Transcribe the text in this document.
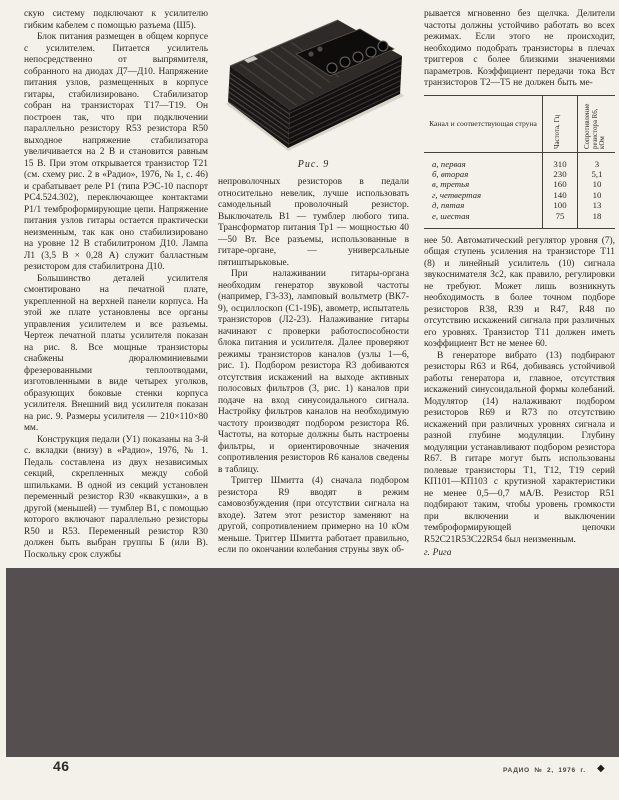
скую систему подключают к усилителю гибким кабелем с помощью разъема (Ш5).

Блок питания размещен в общем корпусе с усилителем. Питается усилитель непосредственно от выпрямителя, собранного на диодах Д7—Д10. Напряжение питания узлов, размещенных в корпусе гитары, стабилизировано. Стабилизатор собран на транзисторах Т17—Т19. Он построен так, что при подключении параллельно резистору R53 резистора R50 выходное напряжение стабилизатора увеличивается на 2 В и становится равным 15 В. При этом открывается транзистор Т21 (см. схему рис. 2 в «Радио», 1976, № 1, с. 46) и срабатывает реле Р1 (типа РЭС-10 паспорт РС4.524.302), переключающее контактами Р1/1 темброформирующие цепи. Напряжение питания узлов гитары остается практически неизменным, так как оно стабилизировано на уровне 12 В стабилитроном Д10. Лампа Л1 (3,5 В × 0,28 А) служит балластным резистором для стабилитрона Д10.

Большинство деталей усилителя смонтировано на печатной плате, укрепленной на верхней панели корпуса. На этой же плате установлены все органы управления усилителем и все разъемы. Чертеж печатной платы усилителя показан на рис. 8. Все мощные транзисторы снабжены дюралюминиевыми фрезерованными теплоотводами, изготовленными в виде четырех уголков, образующих боковые стенки корпуса усилителя. Внешний вид усилителя показан на рис. 9. Размеры усилителя — 210×110×80 мм.

Конструкция педали (У1) показаны на 3-й с. вкладки (внизу) в «Радио», 1976, № 1. Педаль составлена из двух независимых секций, скрепленных между собой шпильками. В одной из секций установлен переменный резистор R30 «квакушки», а в другой (меньшей) — тумблер В1, с помощью которого включают параллельно резисторы R50 и R53. Переменный резистор R30 должен быть выбран группы Б (или В). Поскольку срок службы

Рис. 9

непроволочных резисторов в педали относительно невелик, лучше использовать самодельный проволочный резистор. Выключатель В1 — тумблер любого типа. Трансформатор питания Тр1 — мощностью 40—50 Вт. Все разъемы, использованные в гитаре-органе, — универсальные пятиштырьковые.

При налаживании гитары-органа необходим генератор звуковой частоты (например, Г3-33), ламповый вольтметр (ВК7-9), осциллоскоп (С1-19Б), авометр, испытатель транзисторов (Л2-23). Налаживание гитары начинают с проверки работоспособности блока питания и усилителя. Далее проверяют режимы транзисторов каналов (узлы 1—6, рис. 1). Подбором резистора R3 добиваются отсутствия искажений на выходе активных полосовых фильтров (3, рис. 1) каналов при подаче на вход синусоидального сигнала. Настройку фильтров каналов на необходимую частоту производят подбором резистора R6. Частоты, на которые должны быть настроены фильтры, и ориентировочные значения сопротивления резисторов R6 каналов сведены в таблицу.

Триггер Шмитта (4) сначала подбором резистора R9 вводят в режим самовозбуждения (при отсутствии сигнала на входе). Затем этот резистор заменяют на другой, сопротивлением примерно на 10 кОм меньше. Триггер Шмитта работает правильно, если по окончании колебания струны звук об-

рывается мгновенно без щелчка. Делители частоты должны устойчиво работать во всех режимах. Если этого не происходит, необходимо подобрать транзисторы в плечах триггеров с более близкими значениями параметров. Коэффициент передачи тока Вст транзисторов Т2—Т5 не должен быть ме-

Канал и соответствующая струна	Частота, Гц	Сопротивление резистора R6, кОм

а, первая	310	3
б, вторая	230	5,1
в, третья	160	10
г, четвертая	140	10
д, пятая	100	13
е, шестая	75	18

нее 50. Автоматический регулятор уровня (7), общая ступень усиления на транзисторе Т11 (8) и линейный усилитель (10) сигнала звукоснимателя Зс2, как правило, регулировки не требуют. Может лишь возникнуть необходимость в более точном подборе резисторов R38, R39 и R47, R48 по отсутствию искажений сигнала при различных его уровнях. Транзистор Т11 должен иметь коэффициент Вст не менее 60.

В генераторе вибрато (13) подбирают резисторы R63 и R64, добиваясь устойчивой работы генератора и, главное, отсутствия искажений синусоидальной формы колебаний. Модулятор (14) налаживают подбором резисторов R69 и R73 по отсутствию искажений при различных уровнях сигнала и разной глубине модуляции. Глубину модуляции устанавливают подбором резистора R67. В гитаре могут быть использованы полевые транзисторы Т1, Т12, Т19 серий КП101—КП103 с крутизной характеристики не менее 0,5—0,7 мА/В. Резистор R51 подбирают таким, чтобы уровень громкости при включении и выключении темброформирующей цепочки R52C21R53C22R54 был неизменным.

г. Рига

46	РАДИО № 2, 1976 г. ◆
